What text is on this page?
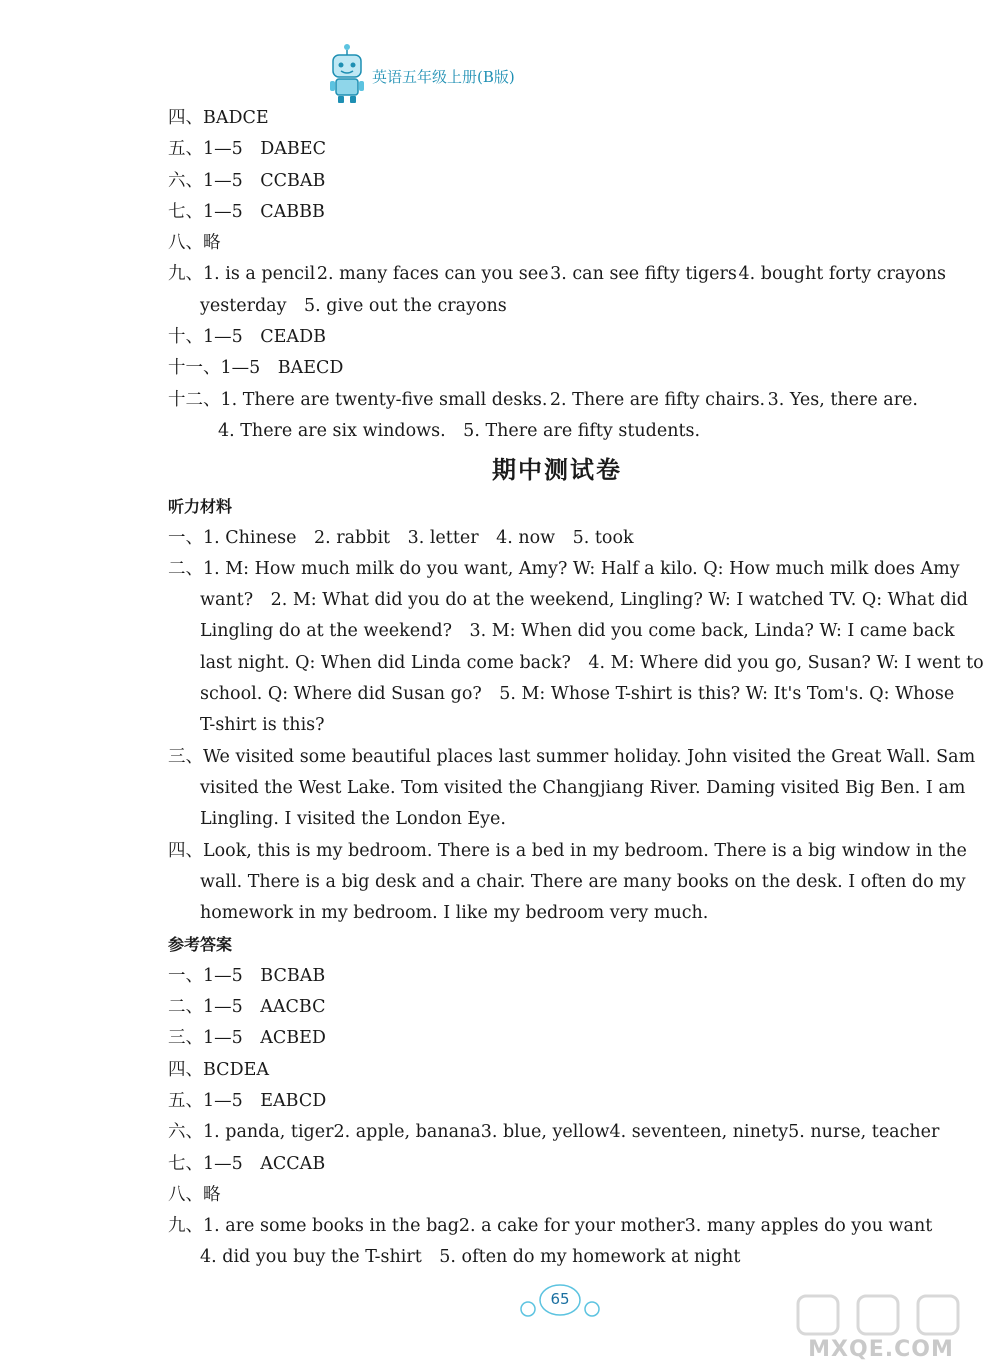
英语五年级上册(B版)
四、BADCE
五、1—5　DABEC
六、1—5　CCBAB
七、1—5　CABBB
八、略
九、1. is a pencil 2. many faces can you see 3. can see fifty tigers 4. bought forty crayons
yesterday　5. give out the crayons
十、1—5　CEADB
十一、1—5　BAECD
十二、1. There are twenty-five small desks. 2. There are fifty chairs. 3. Yes, there are.
4. There are six windows.　5. There are fifty students.
期中测试卷
听力材料
一、1. Chinese　2. rabbit　3. letter　4. now　5. took
二、1. M: How much milk do you want, Amy? W: Half a kilo. Q: How much milk does Amy
want?　2. M: What did you do at the weekend, Lingling? W: I watched TV. Q: What did
Lingling do at the weekend?　3. M: When did you come back, Linda? W: I came back
last night. Q: When did Linda come back?　4. M: Where did you go, Susan? W: I went to
school. Q: Where did Susan go?　5. M: Whose T-shirt is this? W: It's Tom's. Q: Whose
T-shirt is this?
三、We visited some beautiful places last summer holiday. John visited the Great Wall. Sam
visited the West Lake. Tom visited the Changjiang River. Daming visited Big Ben. I am
Lingling. I visited the London Eye.
四、Look, this is my bedroom. There is a bed in my bedroom. There is a big window in the
wall. There is a big desk and a chair. There are many books on the desk. I often do my
homework in my bedroom. I like my bedroom very much.
参考答案
一、1—5　BCBAB
二、1—5　AACBC
三、1—5　ACBED
四、BCDEA
五、1—5　EABCD
六、1. panda, tiger 2. apple, banana 3. blue, yellow 4. seventeen, ninety 5. nurse, teacher
七、1—5　ACCAB
八、略
九、1. are some books in the bag 2. a cake for your mother 3. many apples do you want
4. did you buy the T-shirt　5. often do my homework at night
65
MXQE.COM
